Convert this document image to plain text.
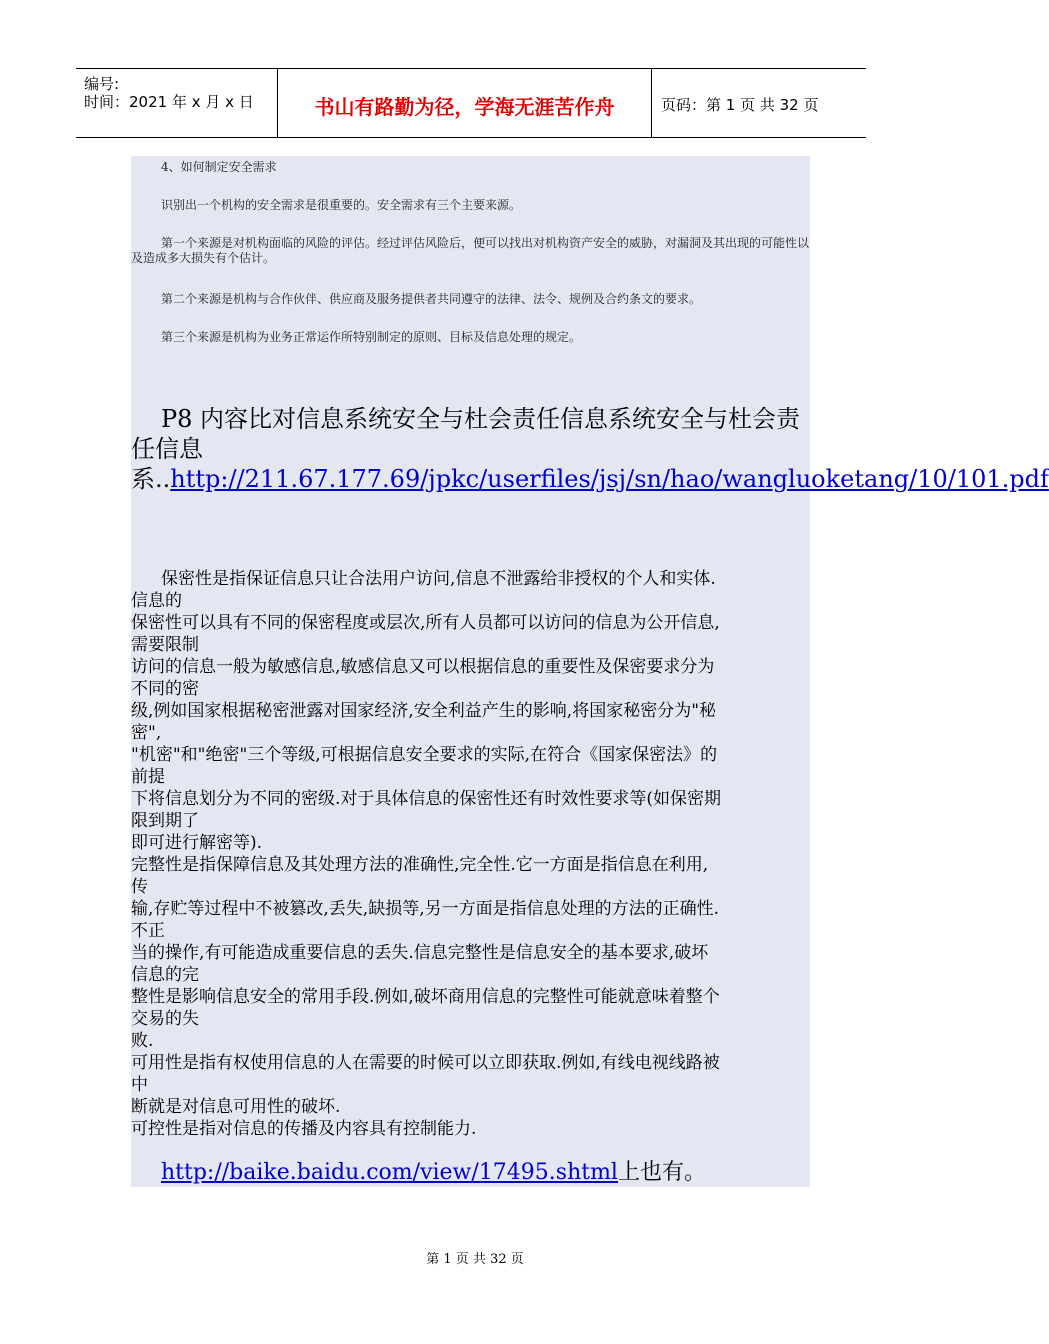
编号:
时间：2021 年 x 月 x 日	书山有路勤为径，学海无涯苦作舟	页码：第 1 页 共 32 页
4、如何制定安全需求
识别出一个机构的安全需求是很重要的。安全需求有三个主要来源。
第一个来源是对机构面临的风险的评估。经过评估风险后，便可以找出对机构资产安全的威胁，对漏洞及其出现的可能性以及造成多大损失有个估计。
第二个来源是机构与合作伙伴、供应商及服务提供者共同遵守的法律、法令、规例及合约条文的要求。
第三个来源是机构为业务正常运作所特别制定的原则、目标及信息处理的规定。
P8 内容比对信息系统安全与杜会责任信息系统安全与杜会责任信息系..http://211.67.177.69/jpkc/userfiles/jsj/sn/hao/wangluoketang/10/101.pdf
保密性是指保证信息只让合法用户访问,信息不泄露给非授权的个人和实体.
信息的
保密性可以具有不同的保密程度或层次,所有人员都可以访问的信息为公开信息,
需要限制
访问的信息一般为敏感信息,敏感信息又可以根据信息的重要性及保密要求分为
不同的密
级,例如国家根据秘密泄露对国家经济,安全利益产生的影响,将国家秘密分为"秘
密",
"机密"和"绝密"三个等级,可根据信息安全要求的实际,在符合《国家保密法》的
前提
下将信息划分为不同的密级.对于具体信息的保密性还有时效性要求等(如保密期
限到期了
即可进行解密等).
完整性是指保障信息及其处理方法的准确性,完全性.它一方面是指信息在利用,
传
输,存贮等过程中不被篡改,丢失,缺损等,另一方面是指信息处理的方法的正确性.
不正
当的操作,有可能造成重要信息的丢失.信息完整性是信息安全的基本要求,破坏
信息的完
整性是影响信息安全的常用手段.例如,破坏商用信息的完整性可能就意味着整个
交易的失
败.
可用性是指有权使用信息的人在需要的时候可以立即获取.例如,有线电视线路被
中
断就是对信息可用性的破坏.
可控性是指对信息的传播及内容具有控制能力.
http://baike.baidu.com/view/17495.shtml上也有。
第 1 页 共 32 页
